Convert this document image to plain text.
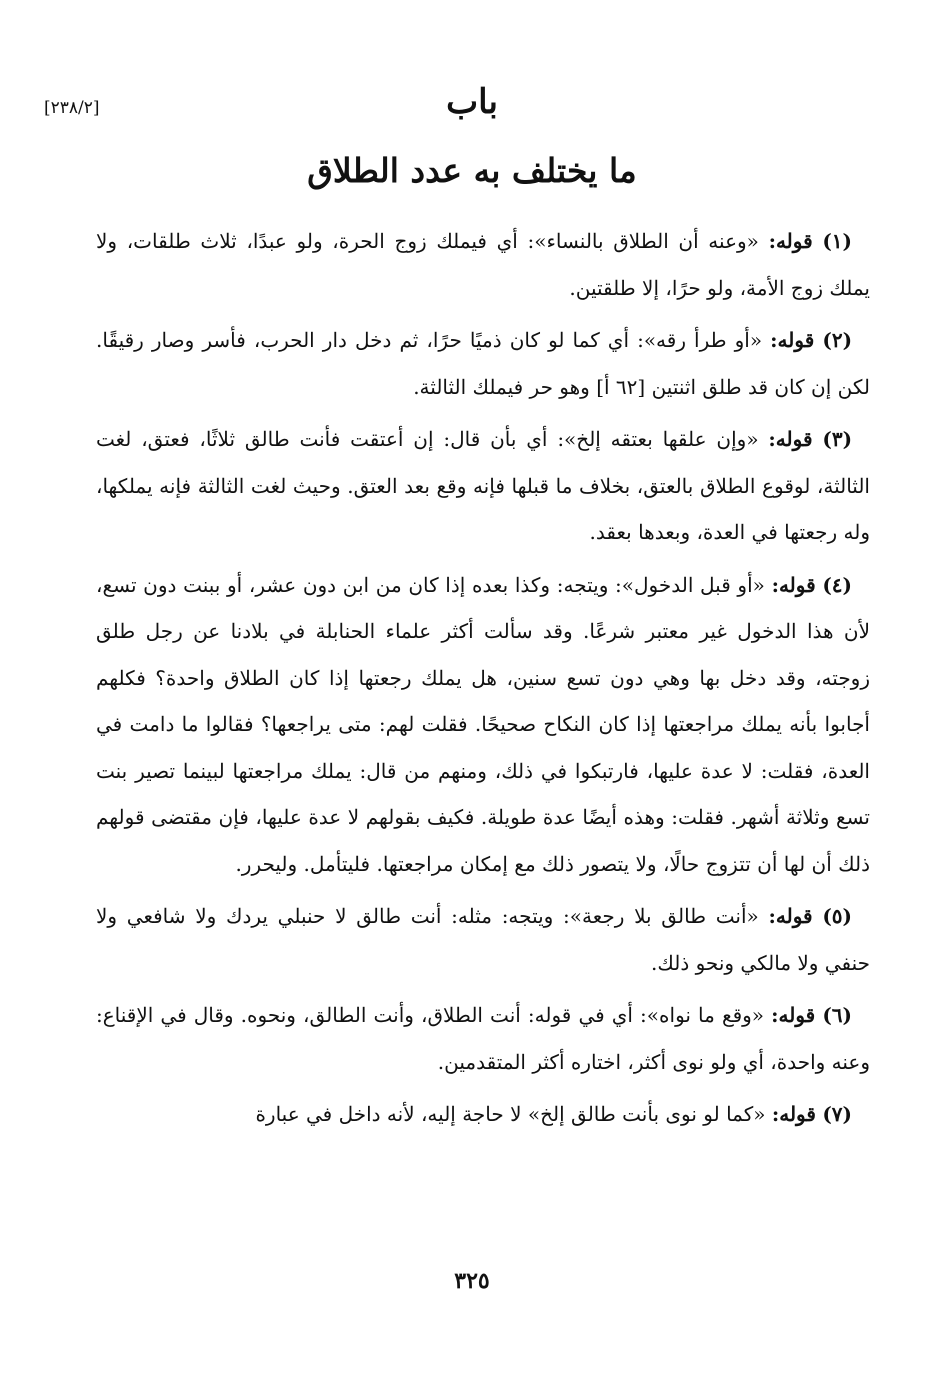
[٢٣٨/٢]	باب
ما يختلف به عدد الطلاق

(١) قوله: «وعنه أن الطلاق بالنساء»: أي فيملك زوج الحرة، ولو عبدًا، ثلاث طلقات، ولا يملك زوج الأمة، ولو حرًا، إلا طلقتين.

(٢) قوله: «أو طرأ رقه»: أي كما لو كان ذميًا حرًا، ثم دخل دار الحرب، فأسر وصار رقيقًا. لكن إن كان قد طلق اثنتين [٦٢ أ] وهو حر فيملك الثالثة.

(٣) قوله: «وإن علقها بعتقه إلخ»: أي بأن قال: إن أعتقت فأنت طالق ثلاثًا، فعتق، لغت الثالثة، لوقوع الطلاق بالعتق، بخلاف ما قبلها فإنه وقع بعد العتق. وحيث لغت الثالثة فإنه يملكها، وله رجعتها في العدة، وبعدها بعقد.

(٤) قوله: «أو قبل الدخول»: ويتجه: وكذا بعده إذا كان من ابن دون عشر، أو ببنت دون تسع، لأن هذا الدخول غير معتبر شرعًا. وقد سألت أكثر علماء الحنابلة في بلادنا عن رجل طلق زوجته، وقد دخل بها وهي دون تسع سنين، هل يملك رجعتها إذا كان الطلاق واحدة؟ فكلهم أجابوا بأنه يملك مراجعتها إذا كان النكاح صحيحًا. فقلت لهم: متى يراجعها؟ فقالوا ما دامت في العدة، فقلت: لا عدة عليها، فارتبكوا في ذلك، ومنهم من قال: يملك مراجعتها لبينما تصير بنت تسع وثلاثة أشهر. فقلت: وهذه أيضًا عدة طويلة. فكيف بقولهم لا عدة عليها، فإن مقتضى قولهم ذلك أن لها أن تتزوج حالًا، ولا يتصور ذلك مع إمكان مراجعتها. فليتأمل. وليحرر.

(٥) قوله: «أنت طالق بلا رجعة»: ويتجه: مثله: أنت طالق لا حنبلي يردك ولا شافعي ولا حنفي ولا مالكي ونحو ذلك.

(٦) قوله: «وقع ما نواه»: أي في قوله: أنت الطلاق، وأنت الطالق، ونحوه. وقال في الإقناع: وعنه واحدة، أي ولو نوى أكثر، اختاره أكثر المتقدمين.

(٧) قوله: «كما لو نوى بأنت طالق إلخ» لا حاجة إليه، لأنه داخل في عبارة

٣٢٥
